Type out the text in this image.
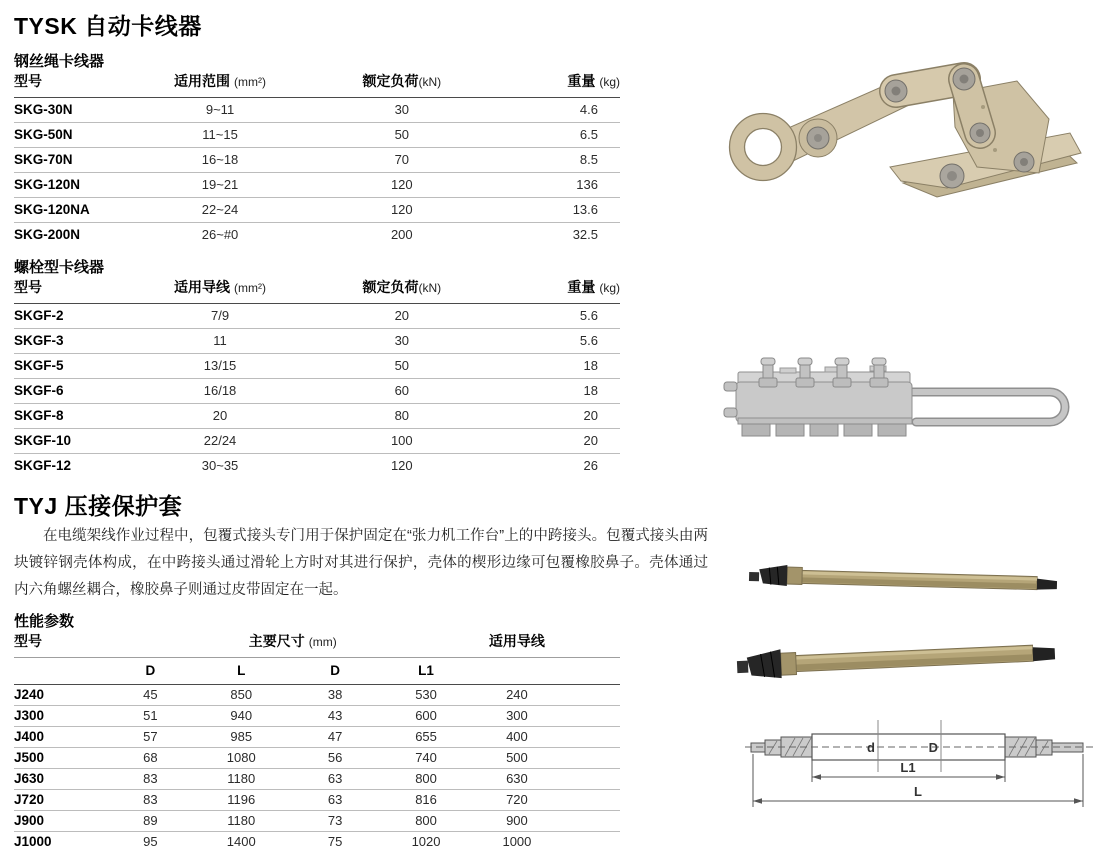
TYSK 自动卡线器
钢丝绳卡线器
型号	适用范围 (mm²)	额定负荷(kN)	重量 (kg)
SKG-30N	9~11	30	4.6
SKG-50N	11~15	50	6.5
SKG-70N	16~18	70	8.5
SKG-120N	19~21	120	136
SKG-120NA	22~24	120	13.6
SKG-200N	26~#0	200	32.5
螺栓型卡线器
型号	适用导线 (mm²)	额定负荷(kN)	重量 (kg)
SKGF-2	7/9	20	5.6
SKGF-3	11	30	5.6
SKGF-5	13/15	50	18
SKGF-6	16/18	60	18
SKGF-8	20	80	20
SKGF-10	22/24	100	20
SKGF-12	30~35	120	26
TYJ 压接保护套

在电缆架线作业过程中，包覆式接头专门用于保护固定在“张力机工作台”上的中跨接头。包覆式接头由两块镀锌钢壳体构成，在中跨接头通过滑轮上方时对其进行保护，壳体的楔形边缘可包覆橡胶鼻子。壳体通过内六角螺丝耦合，橡胶鼻子则通过皮带固定在一起。

性能参数
型号	主要尺寸 (mm)				适用导线	
	D	L	D	L1		
J240	45	850	38	530	240	
J300	51	940	43	600	300	
J400	57	985	47	655	400	
J500	68	1080	56	740	500	
J630	83	1180	63	800	630	
J720	83	1196	63	816	720	
J900	89	1180	73	800	900	
J1000	95	1400	75	1020	1000	
d	D
L1
L
